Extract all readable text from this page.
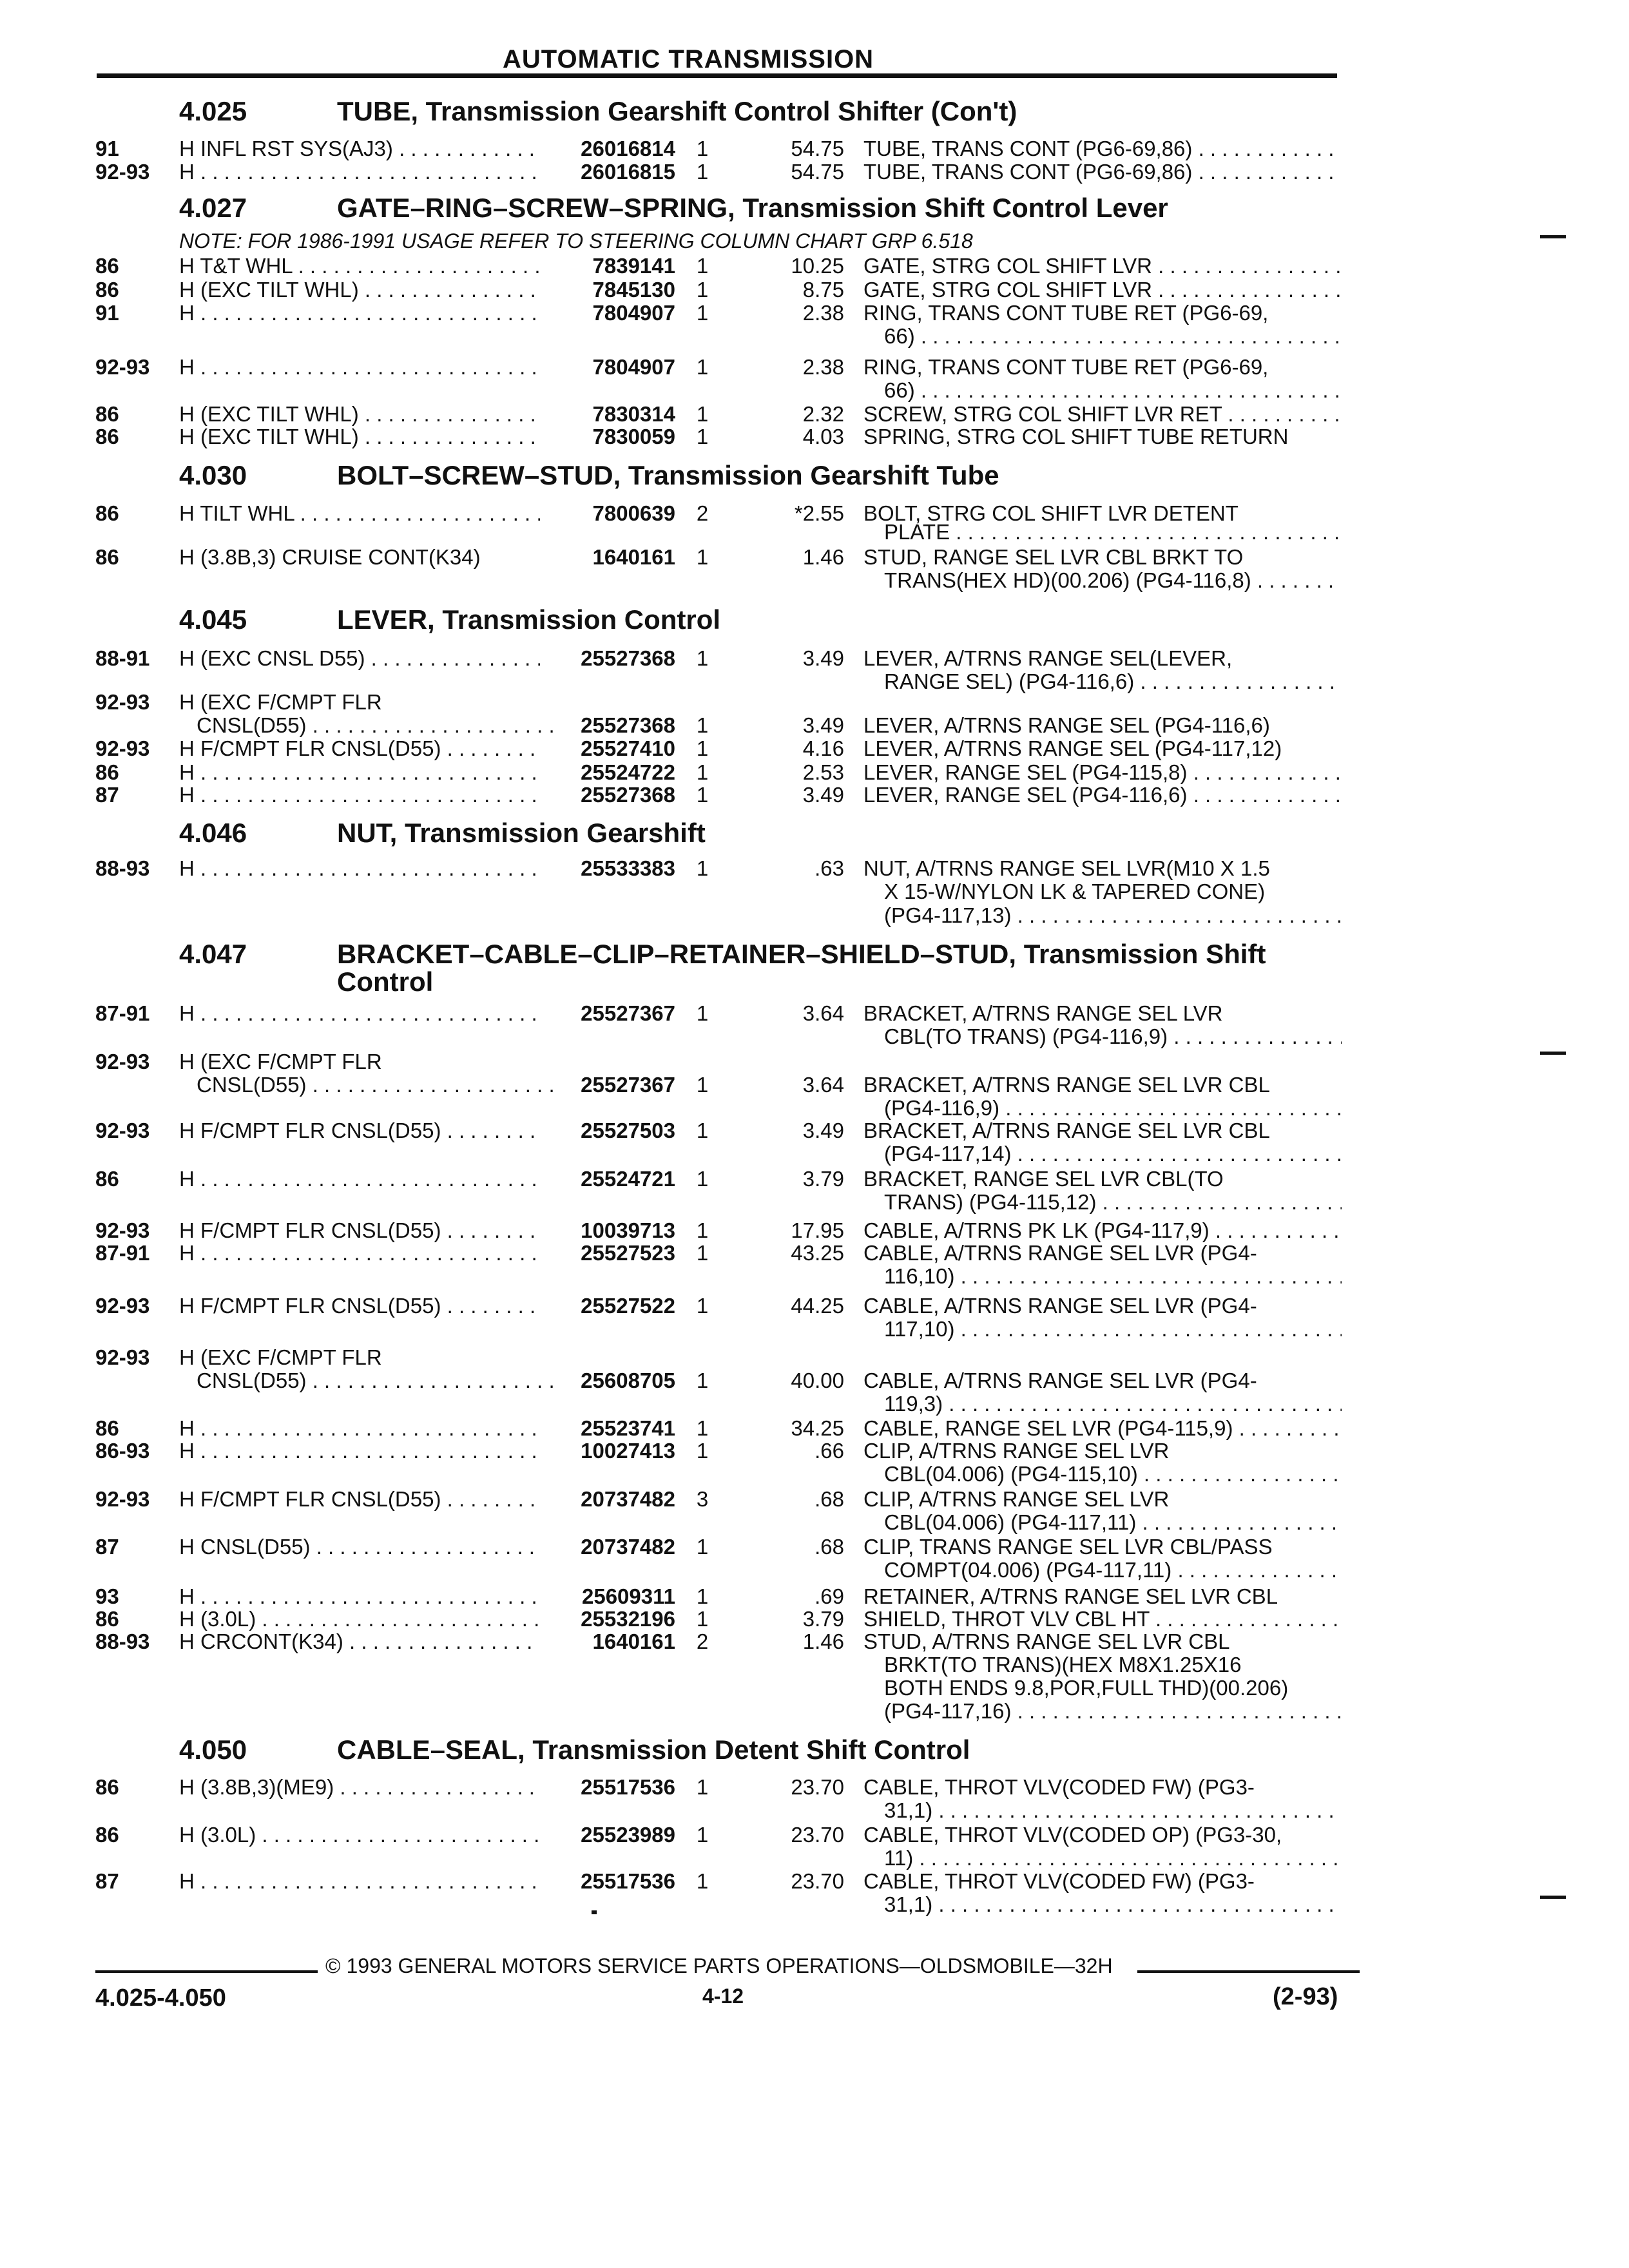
AUTOMATIC TRANSMISSION
4.025	TUBE, Transmission Gearshift Control Shifter (Con't)
91	H INFL RST SYS(AJ3) . . .	26016814 1	54.75 TUBE, TRANS CONT (PG6-69,86) . . .
92-93	H . . .	26016815 1	54.75 TUBE, TRANS CONT (PG6-69,86) . . .
4.027	GATE–RING–SCREW–SPRING, Transmission Shift Control Lever
NOTE: FOR 1986-1991 USAGE REFER TO STEERING COLUMN CHART GRP 6.518
86	H T&T WHL . . .	7839141 1	10.25 GATE, STRG COL SHIFT LVR . . .
86	H (EXC TILT WHL) . . .	7845130 1	8.75 GATE, STRG COL SHIFT LVR . . .
91	H . . .	7804907 1	2.38 RING, TRANS CONT TUBE RET (PG6-69,
66) . . .
92-93	H . . .	7804907 1	2.38 RING, TRANS CONT TUBE RET (PG6-69,
66) . . .
86	H (EXC TILT WHL) . . .	7830314 1	2.32 SCREW, STRG COL SHIFT LVR RET . . .
86	H (EXC TILT WHL) . . .	7830059 1	4.03 SPRING, STRG COL SHIFT TUBE RETURN
4.030	BOLT–SCREW–STUD, Transmission Gearshift Tube
86	H TILT WHL . . .	7800639 2	*2.55 BOLT, STRG COL SHIFT LVR DETENT
PLATE . . .
86	H (3.8B,3) CRUISE CONT(K34)	1640161 1	1.46 STUD, RANGE SEL LVR CBL BRKT TO
TRANS(HEX HD)(00.206) (PG4-116,8) . . .
4.045	LEVER, Transmission Control
88-91	H (EXC CNSL D55) . . .	25527368 1	3.49 LEVER, A/TRNS RANGE SEL(LEVER,
RANGE SEL) (PG4-116,6) . . .
92-93	H (EXC F/CMPT FLR
CNSL(D55) . . .	25527368 1	3.49 LEVER, A/TRNS RANGE SEL (PG4-116,6)
92-93	H F/CMPT FLR CNSL(D55) . . .	25527410 1	4.16 LEVER, A/TRNS RANGE SEL (PG4-117,12)
86	H . . .	25524722 1	2.53 LEVER, RANGE SEL (PG4-115,8) . . .
87	H . . .	25527368 1	3.49 LEVER, RANGE SEL (PG4-116,6) . . .
4.046	NUT, Transmission Gearshift
88-93	H . . .	25533383 1	.63 NUT, A/TRNS RANGE SEL LVR(M10 X 1.5
X 15-W/NYLON LK & TAPERED CONE)
(PG4-117,13) . . .
4.047	BRACKET–CABLE–CLIP–RETAINER–SHIELD–STUD, Transmission Shift
Control
87-91	H . . .	25527367 1	3.64 BRACKET, A/TRNS RANGE SEL LVR
CBL(TO TRANS) (PG4-116,9) . . .
92-93	H (EXC F/CMPT FLR
CNSL(D55) . . .	25527367 1	3.64 BRACKET, A/TRNS RANGE SEL LVR CBL
(PG4-116,9) . . .
92-93	H F/CMPT FLR CNSL(D55) . . .	25527503 1	3.49 BRACKET, A/TRNS RANGE SEL LVR CBL
(PG4-117,14) . . .
86	H . . .	25524721 1	3.79 BRACKET, RANGE SEL LVR CBL(TO
TRANS) (PG4-115,12) . . .
92-93	H F/CMPT FLR CNSL(D55) . . .	10039713 1	17.95 CABLE, A/TRNS PK LK (PG4-117,9) . . .
87-91	H . . .	25527523 1	43.25 CABLE, A/TRNS RANGE SEL LVR (PG4-
116,10) . . .
92-93	H F/CMPT FLR CNSL(D55) . . .	25527522 1	44.25 CABLE, A/TRNS RANGE SEL LVR (PG4-
117,10) . . .
92-93	H (EXC F/CMPT FLR
CNSL(D55) . . .	25608705 1	40.00 CABLE, A/TRNS RANGE SEL LVR (PG4-
119,3) . . .
86	H . . .	25523741 1	34.25 CABLE, RANGE SEL LVR (PG4-115,9) . . .
86-93	H . . .	10027413 1	.66 CLIP, A/TRNS RANGE SEL LVR
CBL(04.006) (PG4-115,10) . . .
92-93	H F/CMPT FLR CNSL(D55) . . .	20737482 3	.68 CLIP, A/TRNS RANGE SEL LVR
CBL(04.006) (PG4-117,11) . . .
87	H CNSL(D55) . . .	20737482 1	.68 CLIP, TRANS RANGE SEL LVR CBL/PASS
COMPT(04.006) (PG4-117,11) . . .
93	H . . .	25609311 1	.69 RETAINER, A/TRNS RANGE SEL LVR CBL
86	H (3.0L) . . .	25532196 1	3.79 SHIELD, THROT VLV CBL HT . . .
88-93	H CRCONT(K34) . . .	1640161 2	1.46 STUD, A/TRNS RANGE SEL LVR CBL
BRKT(TO TRANS)(HEX M8X1.25X16
BOTH ENDS 9.8,POR,FULL THD)(00.206)
(PG4-117,16) . . .
4.050	CABLE–SEAL, Transmission Detent Shift Control
86	H (3.8B,3)(ME9) . . .	25517536 1	23.70 CABLE, THROT VLV(CODED FW) (PG3-
31,1) . . .
86	H (3.0L) . . .	25523989 1	23.70 CABLE, THROT VLV(CODED OP) (PG3-30,
11) . . .
87	H . . .	25517536 1	23.70 CABLE, THROT VLV(CODED FW) (PG3-
31,1) . . .
© 1993 GENERAL MOTORS SERVICE PARTS OPERATIONS—OLDSMOBILE—32H
4.025-4.050	4-12	(2-93)
